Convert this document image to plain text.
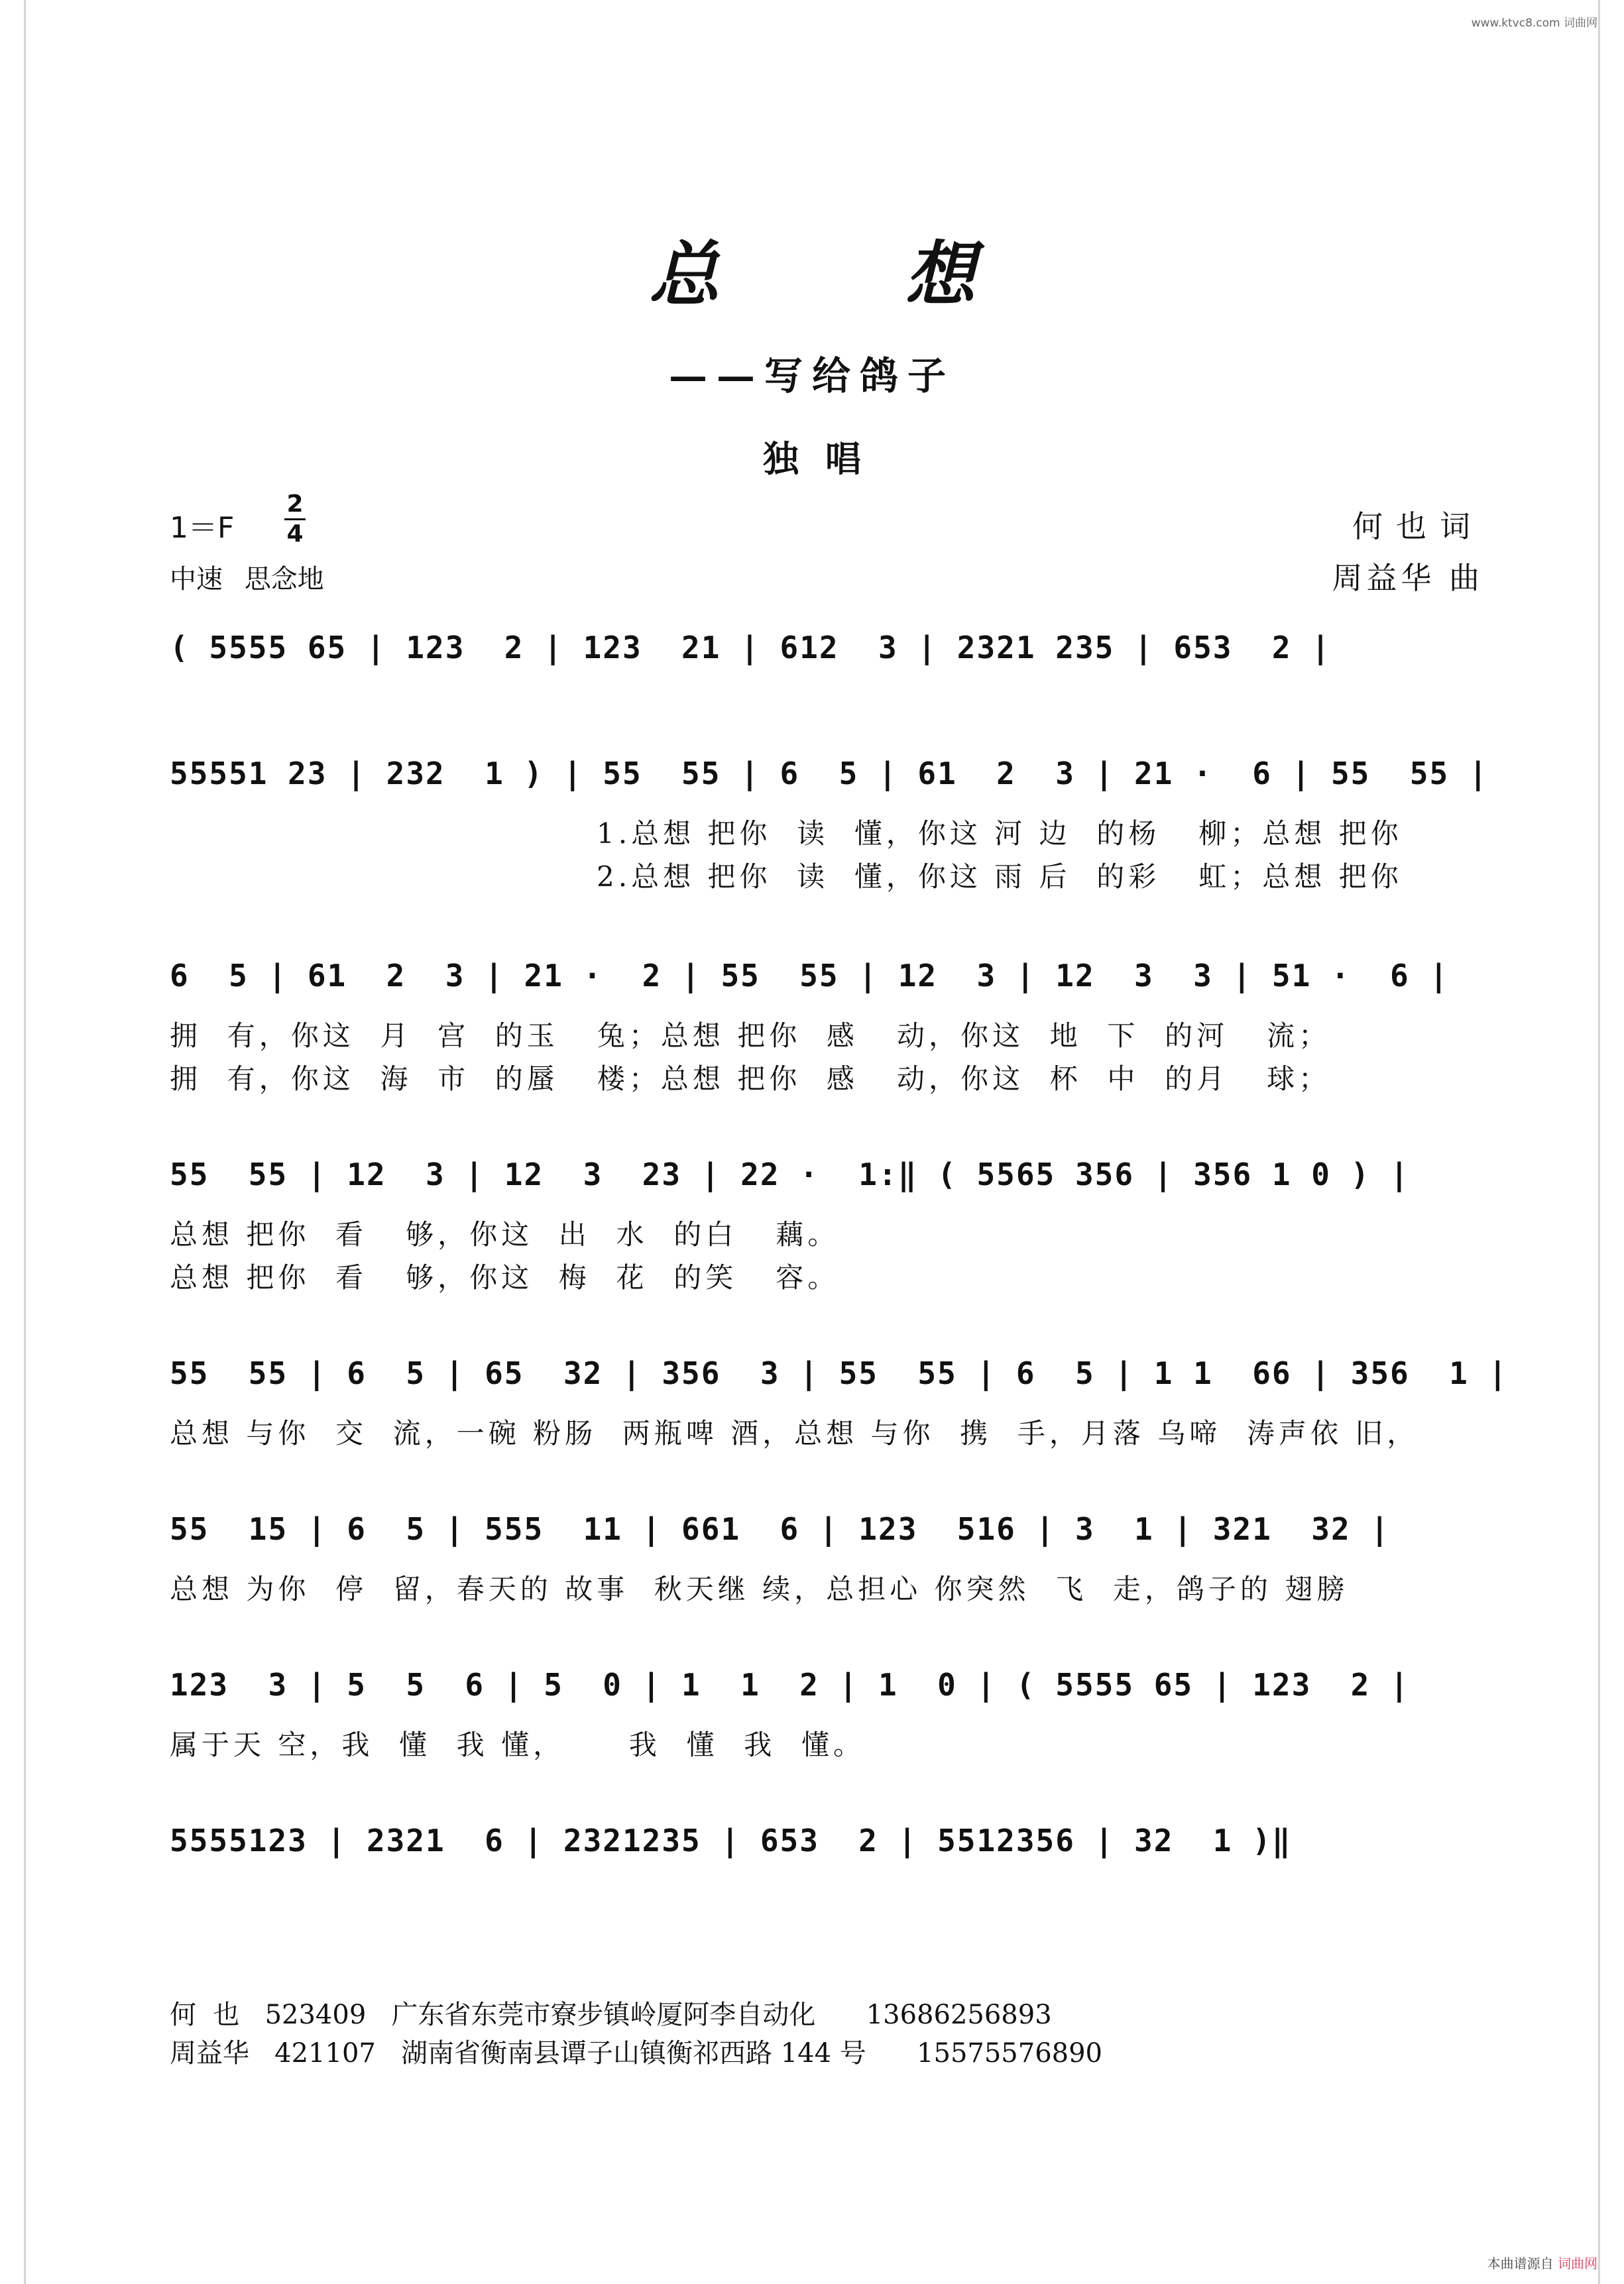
www.ktvc8.com 词曲网
总想
——写给鸽子
独唱
1＝F
2
4
中速 思念地
何也词
周益华 曲
( 5555 65 | 123  2 | 123  21 | 612  3 | 2321 235 | 653  2 |
55551 23 | 232  1 ) | 55  55 | 6  5 | 61  2  3 | 21 ·  6 | 55  55 |
1.总想 把你  读  懂，你这 河 边  的杨   柳；总想 把你
2.总想 把你  读  懂，你这 雨 后  的彩   虹；总想 把你
6  5 | 61  2  3 | 21 ·  2 | 55  55 | 12  3 | 12  3  3 | 51 ·  6 |
拥  有，你这  月  宫  的玉   兔；总想 把你  感   动，你这  地  下  的河   流；
拥  有，你这  海  市  的蜃   楼；总想 把你  感   动，你这  杯  中  的月   球；
55  55 | 12  3 | 12  3  23 | 22 ·  1:‖ ( 5565 356 | 356 1 0 ) |
总想 把你  看   够，你这  出  水  的白   藕。
总想 把你  看   够，你这  梅  花  的笑   容。
55  55 | 6  5 | 65  32 | 356  3 | 55  55 | 6  5 | 1 1  66 | 356  1 |
总想 与你  交  流，一碗 粉肠  两瓶啤 酒，总想 与你  携  手，月落 乌啼  涛声依 旧，
55  15 | 6  5 | 555  11 | 661  6 | 123  516 | 3  1 | 321  32 |
总想 为你  停  留，春天的 故事  秋天继 续，总担心 你突然  飞  走，鸽子的 翅膀
123  3 | 5  5  6 | 5  0 | 1  1  2 | 1  0 | ( 5555 65 | 123  2 |
属于天 空，我  懂  我 懂，     我  懂  我  懂。
5555123 | 2321  6 | 2321235 | 653  2 | 5512356 | 32  1 )‖
何  也   523409   广东省东莞市寮步镇岭厦阿李自动化      13686256893
周益华   421107   湖南省衡南县谭子山镇衡祁西路 144 号      15575576890
本曲谱源自 词曲网
